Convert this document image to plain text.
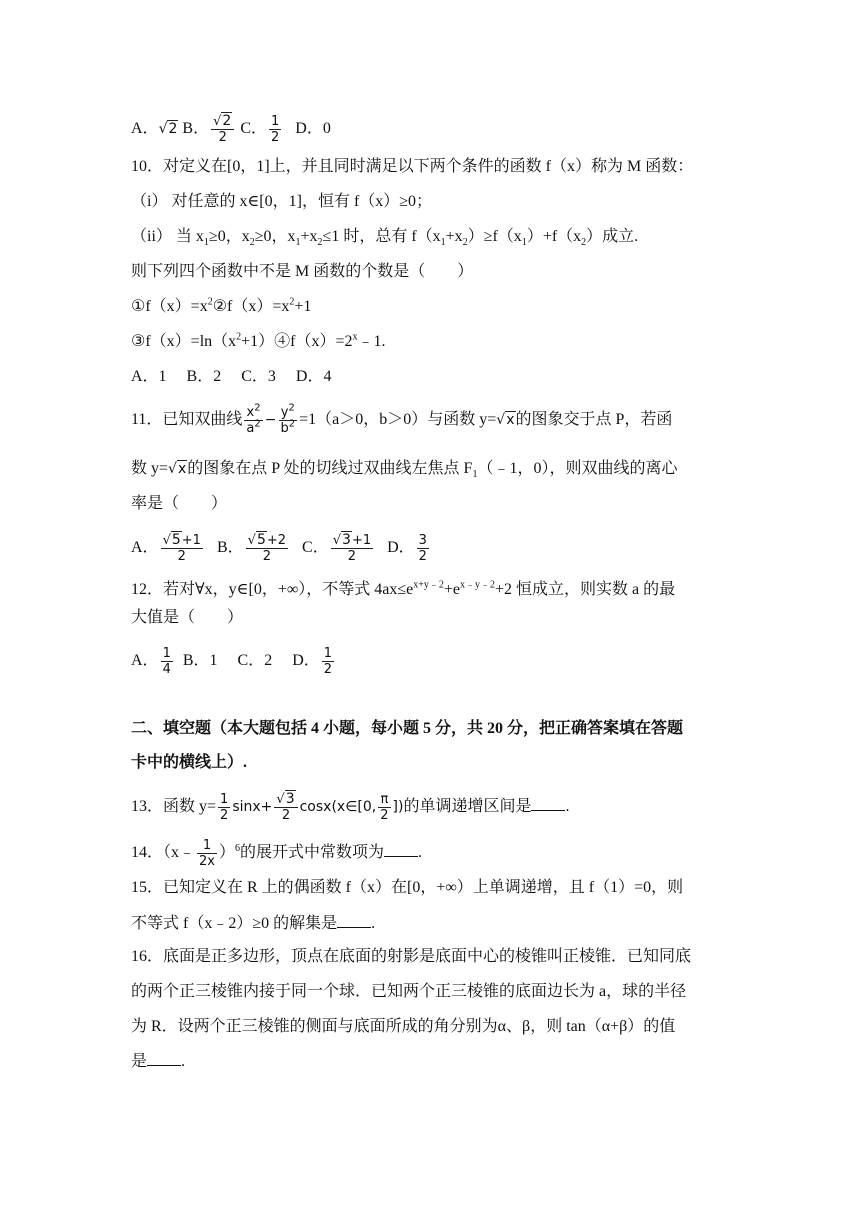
A．√2 B． $\frac{√2}{2}$ C． $\frac{1}{2}$ D．0
10．对定义在[0，1]上，并且同时满足以下两个条件的函数 f（x）称为 M 函数：
（i） 对任意的 x∈[0，1]，恒有 f（x）≥0；
（ii） 当 $x_1\ge 0$，$x_2\ge 0$，$x_1+x_2\le 1$ 时，总有 $f(x_1+x_2)\ge f(x_1)+f(x_2)$成立.
则下列四个函数中不是 M 函数的个数是（　　）
$①f(x)=x^2②f(x)=x^2+1$
$③f(x)=\ln(x^2+1)④f(x)=2^x﹣1$.
A．1　 B．2　 C．3　 D．4
11．已知双曲线 $\frac{x^2}{a^2} - \frac{y^2}{b^2} =1(a>0$，b＞0）与函数 y=√x的图象交于点 P，若函
数 y=√x的图象在点 P 处的切线过双曲线左焦点 $F_1(﹣1$，0），则双曲线的离心
率是（　　）
A． $\frac{√5+1}{2}$ B． $\frac{√5+2}{2}$ C． $\frac{√3+1}{2}$ D． $\frac{3}{2}$
12．若对∀x，y∈[0，+∞），不等式 $4ax\le e^{x+y﹣2}+e^{x﹣y﹣2}+2$ 恒成立，则实数 a 的最
大值是（　　）
A． $\frac{1}{4}$ B．1　 C．2　 D． $\frac{1}{2}$
二、填空题（本大题包括 4 小题，每小题 5 分，共 20 分，把正确答案填在答题
卡中的横线上）.
13．函数 $y= \frac{1}{2} \sin x+ \frac{√3}{2}$ cosx(x∈[0, $\frac{\pi}{2}$ ])的单调递增区间是 .
14．（x﹣ $\frac{1}{2x} )^6$的展开式中常数项为 .
15．已知定义在 R 上的偶函数 f（x）在[0，+∞）上单调递增，且 f（1）=0，则
不等式 f（x﹣2）≥0 的解集是 .
16．底面是正多边形，顶点在底面的射影是底面中心的棱锥叫正棱锥．已知同底
的两个正三棱锥内接于同一个球．已知两个正三棱锥的底面边长为 a，球的半径
为 R．设两个正三棱锥的侧面与底面所成的角分别为α、β，则 tan（α+β）的值
是 .
